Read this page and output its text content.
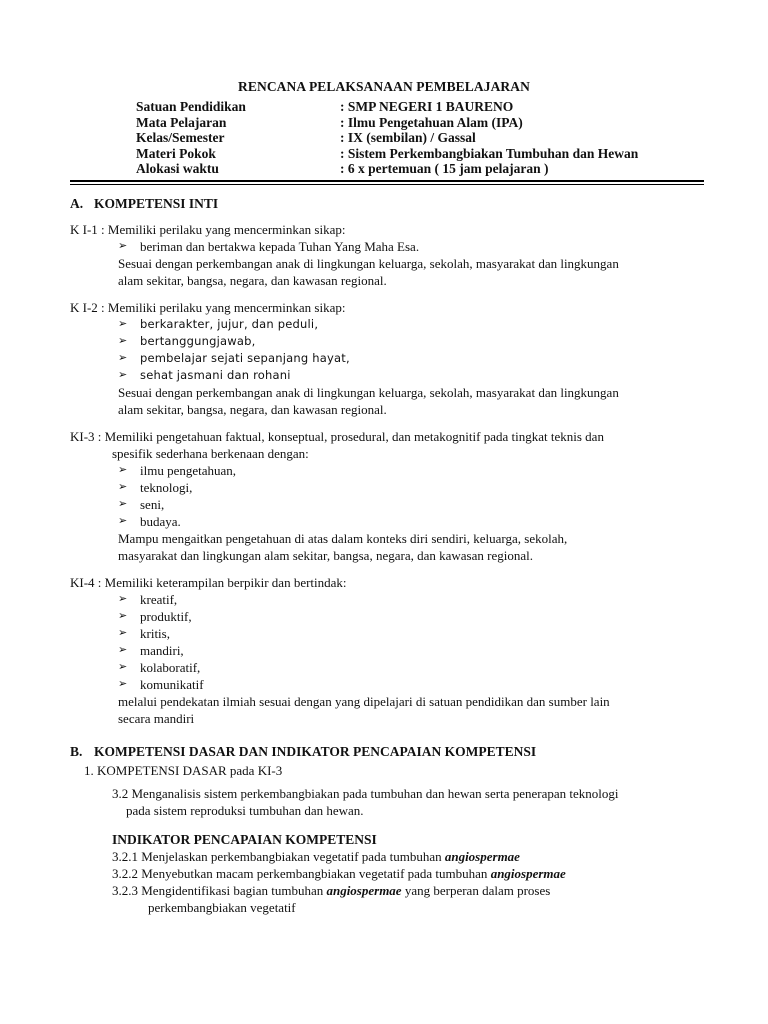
RENCANA PELAKSANAAN PEMBELAJARAN
Satuan Pendidikan	: SMP NEGERI 1 BAURENO
Mata Pelajaran	: Ilmu Pengetahuan Alam (IPA)
Kelas/Semester	: IX (sembilan) / Gassal
Materi Pokok	: Sistem Perkembangbiakan Tumbuhan dan Hewan
Alokasi waktu	: 6 x pertemuan ( 15 jam pelajaran )
A. KOMPETENSI INTI
K I-1 : Memiliki perilaku yang mencerminkan sikap:
➢ beriman dan bertakwa kepada Tuhan Yang Maha Esa.
Sesuai dengan perkembangan anak di lingkungan keluarga, sekolah, masyarakat dan lingkungan
alam sekitar, bangsa, negara, dan kawasan regional.
K I-2 : Memiliki perilaku yang mencerminkan sikap:
➢	berkarakter, jujur, dan peduli,
➢	bertanggungjawab,
➢	pembelajar sejati sepanjang hayat,
➢	sehat jasmani dan rohani
Sesuai dengan perkembangan anak di lingkungan keluarga, sekolah, masyarakat dan lingkungan
alam sekitar, bangsa, negara, dan kawasan regional.
KI-3 : Memiliki pengetahuan faktual, konseptual, prosedural, dan metakognitif pada tingkat teknis dan
spesifik sederhana berkenaan dengan:
➢ ilmu pengetahuan,
➢ teknologi,
➢ seni,
➢ budaya.
Mampu mengaitkan pengetahuan di atas dalam konteks diri sendiri, keluarga, sekolah,
masyarakat dan lingkungan alam sekitar, bangsa, negara, dan kawasan regional.
KI-4 : Memiliki keterampilan berpikir dan bertindak:
➢ kreatif,
➢ produktif,
➢ kritis,
➢ mandiri,
➢ kolaboratif,
➢ komunikatif
melalui pendekatan ilmiah sesuai dengan yang dipelajari di satuan pendidikan dan sumber lain
secara mandiri
B. KOMPETENSI DASAR DAN INDIKATOR PENCAPAIAN KOMPETENSI
1. KOMPETENSI DASAR pada KI-3
3.2 Menganalisis sistem perkembangbiakan pada tumbuhan dan hewan serta penerapan teknologi
pada sistem reproduksi tumbuhan dan hewan.
INDIKATOR PENCAPAIAN KOMPETENSI
3.2.1 Menjelaskan perkembangbiakan vegetatif pada tumbuhan angiospermae
3.2.2 Menyebutkan macam perkembangbiakan vegetatif pada tumbuhan angiospermae
3.2.3 Mengidentifikasi bagian tumbuhan angiospermae yang berperan dalam proses
perkembangbiakan vegetatif
